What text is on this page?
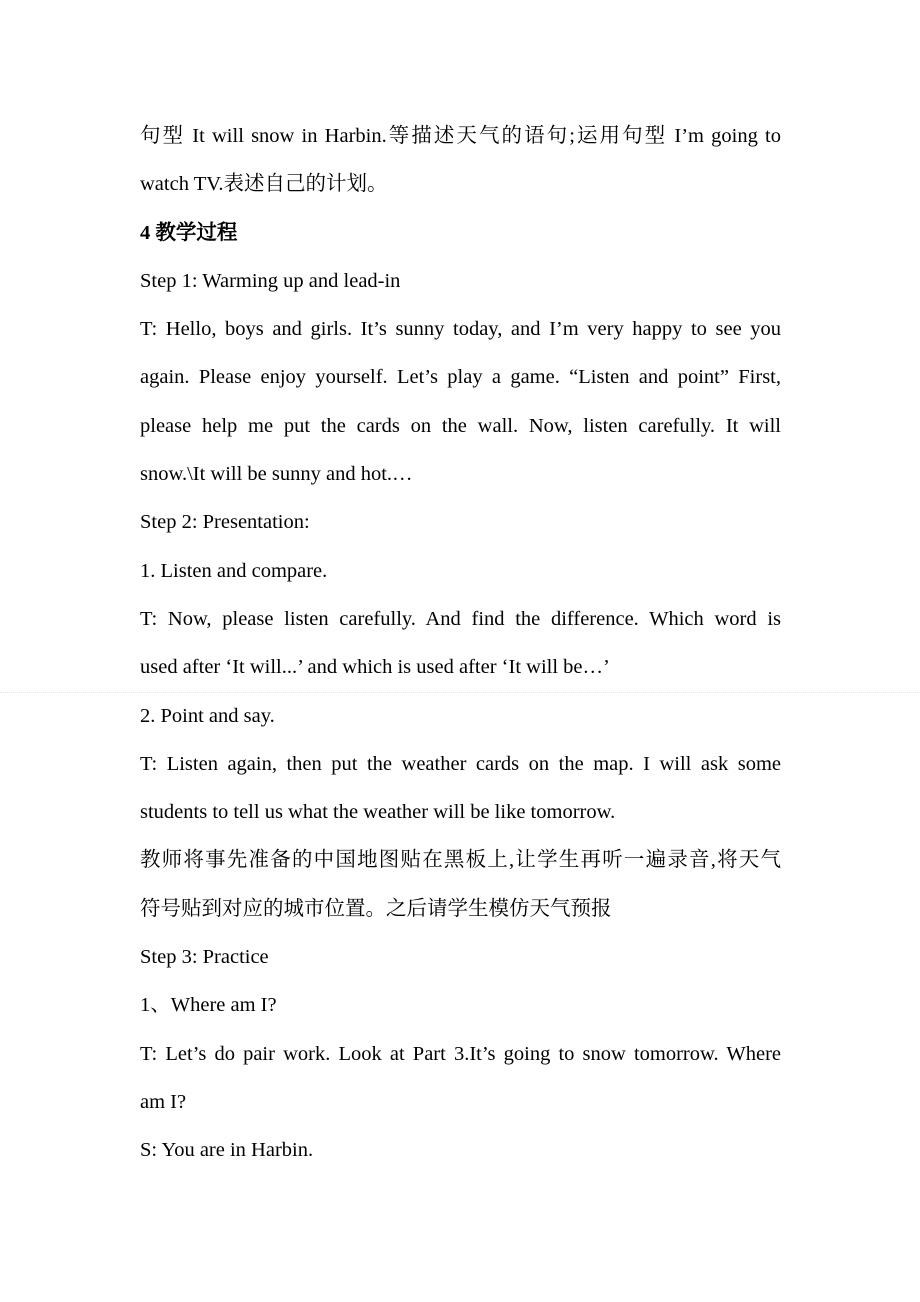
句型 It will snow in Harbin.等描述天气的语句;运用句型 I’m going to
watch TV.表述自己的计划。
4 教学过程
Step 1: Warming up and lead-in
T: Hello, boys and girls. It’s sunny today, and I’m very happy to see you
again. Please enjoy yourself. Let’s play a game. “Listen and point” First,
please help me put the cards on the wall. Now, listen carefully. It will
snow.\It will be sunny and hot.…
Step 2: Presentation:
1. Listen and compare.
T: Now, please listen carefully. And find the difference. Which word is
used after ‘It will...’ and which is used after ‘It will be…’
2. Point and say.
T: Listen again, then put the weather cards on the map. I will ask some
students to tell us what the weather will be like tomorrow.
教师将事先准备的中国地图贴在黑板上,让学生再听一遍录音,将天气
符号贴到对应的城市位置。之后请学生模仿天气预报
Step 3: Practice
1、Where am I?
T: Let’s do pair work. Look at Part 3.It’s going to snow tomorrow. Where
am I?
S: You are in Harbin.
